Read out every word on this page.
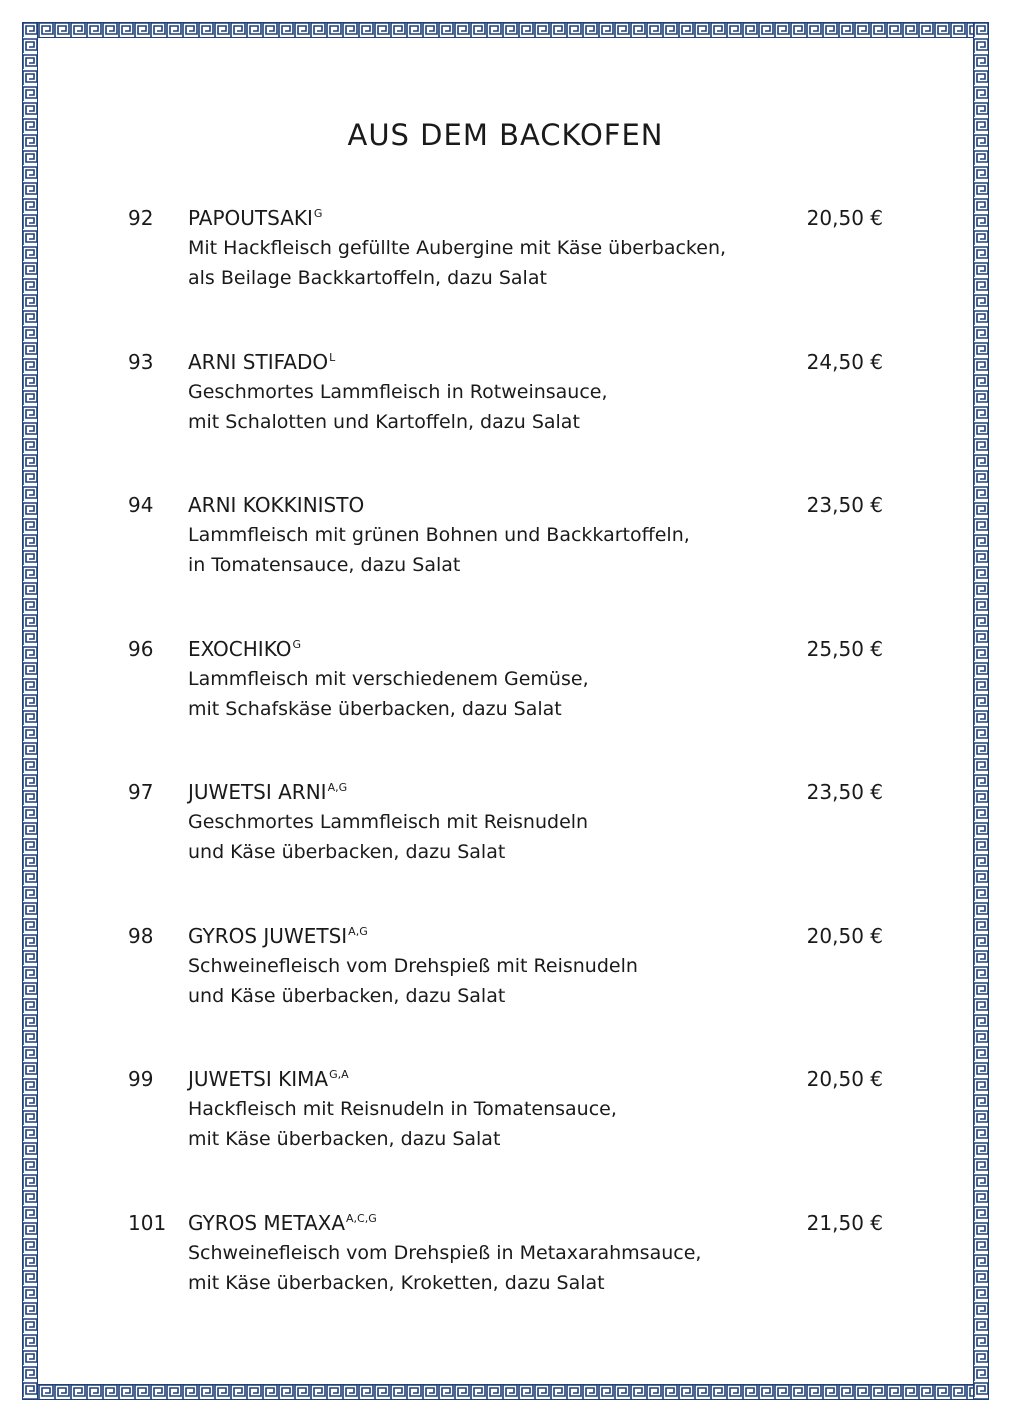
AUS DEM BACKOFEN
92 $PAPOUTSAKI^G$	20,50 €
Mit Hackfleisch gefüllte Aubergine mit Käse überbacken,
als Beilage Backkartoffeln, dazu Salat
93 ARNI $STIFADO^L$	24,50 €
Geschmortes Lammfleisch in Rotweinsauce,
mit Schalotten und Kartoffeln, dazu Salat
94 ARNI KOKKINISTO	23,50 €
Lammfleisch mit grünen Bohnen und Backkartoffeln,
in Tomatensauce, dazu Salat
96 $EXOCHIKO^G$	25,50 €
Lammfleisch mit verschiedenem Gemüse,
mit Schafskäse überbacken, dazu Salat
97 JUWETSI $ARNI^{A,G}$	23,50 €
Geschmortes Lammfleisch mit Reisnudeln
und Käse überbacken, dazu Salat
98 GYROS $JUWETSI^{A,G}$	20,50 €
Schweinefleisch vom Drehspieß mit Reisnudeln
und Käse überbacken, dazu Salat
99 JUWETSI $KIMA^{G,A}$	20,50 €
Hackfleisch mit Reisnudeln in Tomatensauce,
mit Käse überbacken, dazu Salat
101 GYROS $METAXA^{A,C,G}$	21,50 €
Schweinefleisch vom Drehspieß in Metaxarahmsauce,
mit Käse überbacken, Kroketten, dazu Salat
